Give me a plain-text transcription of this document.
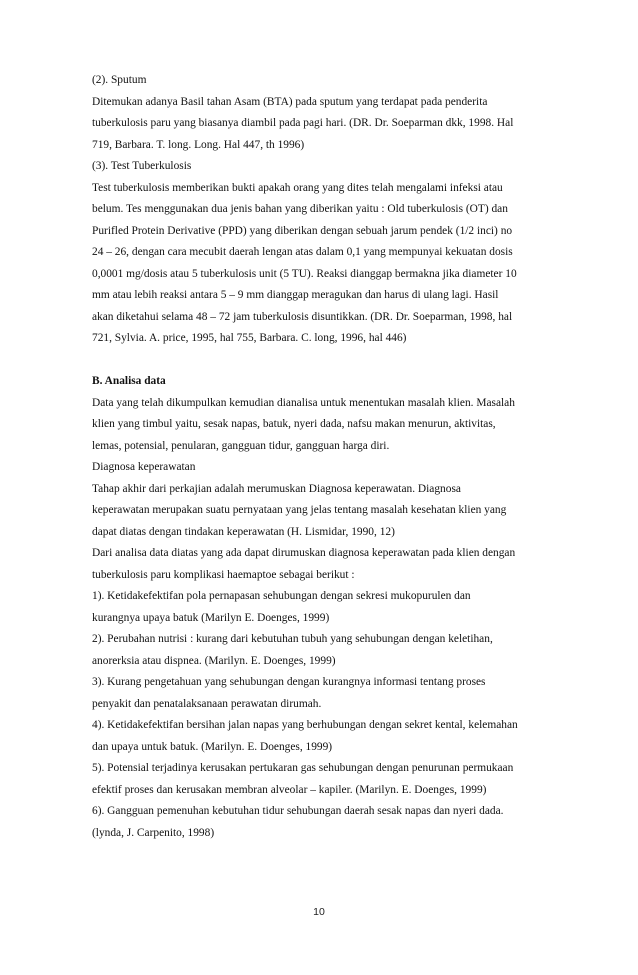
(2). Sputum
Ditemukan adanya Basil tahan Asam (BTA) pada sputum yang terdapat pada penderita
tuberkulosis paru yang biasanya diambil pada pagi hari. (DR. Dr. Soeparman dkk, 1998. Hal
719, Barbara. T. long. Long. Hal 447, th 1996)
(3). Test Tuberkulosis
Test tuberkulosis memberikan bukti apakah orang yang dites telah mengalami infeksi atau
belum. Tes menggunakan dua jenis bahan yang diberikan yaitu : Old tuberkulosis (OT) dan
Purifled Protein Derivative (PPD) yang diberikan dengan sebuah jarum pendek (1/2 inci) no
24 – 26, dengan cara mecubit daerah lengan atas dalam 0,1 yang mempunyai kekuatan dosis
0,0001 mg/dosis atau 5 tuberkulosis unit (5 TU). Reaksi dianggap bermakna jika diameter 10
mm atau lebih reaksi antara 5 – 9 mm dianggap meragukan dan harus di ulang lagi. Hasil
akan diketahui selama 48 – 72 jam tuberkulosis disuntikkan. (DR. Dr. Soeparman, 1998, hal
721, Sylvia. A. price, 1995, hal 755, Barbara. C. long, 1996, hal 446)
B. Analisa data
Data yang telah dikumpulkan kemudian dianalisa untuk menentukan masalah klien. Masalah
klien yang timbul yaitu, sesak napas, batuk, nyeri dada, nafsu makan menurun, aktivitas,
lemas, potensial, penularan, gangguan tidur, gangguan harga diri.
Diagnosa keperawatan
Tahap akhir dari perkajian adalah merumuskan Diagnosa keperawatan. Diagnosa
keperawatan merupakan suatu pernyataan yang jelas tentang masalah kesehatan klien yang
dapat diatas dengan tindakan keperawatan (H. Lismidar, 1990, 12)
Dari analisa data diatas yang ada dapat dirumuskan diagnosa keperawatan pada klien dengan
tuberkulosis paru komplikasi haemaptoe sebagai berikut :
1). Ketidakefektifan pola pernapasan sehubungan dengan sekresi mukopurulen dan
kurangnya upaya batuk (Marilyn E. Doenges, 1999)
2). Perubahan nutrisi : kurang dari kebutuhan tubuh yang sehubungan dengan keletihan,
anorerksia atau dispnea. (Marilyn. E. Doenges, 1999)
3). Kurang pengetahuan yang sehubungan dengan kurangnya informasi tentang proses
penyakit dan penatalaksanaan perawatan dirumah.
4). Ketidakefektifan bersihan jalan napas yang berhubungan dengan sekret kental, kelemahan
dan upaya untuk batuk. (Marilyn. E. Doenges, 1999)
5). Potensial terjadinya kerusakan pertukaran gas sehubungan dengan penurunan permukaan
efektif proses dan kerusakan membran alveolar – kapiler. (Marilyn. E. Doenges, 1999)
6). Gangguan pemenuhan kebutuhan tidur sehubungan daerah sesak napas dan nyeri dada.
(lynda, J. Carpenito, 1998)
10
